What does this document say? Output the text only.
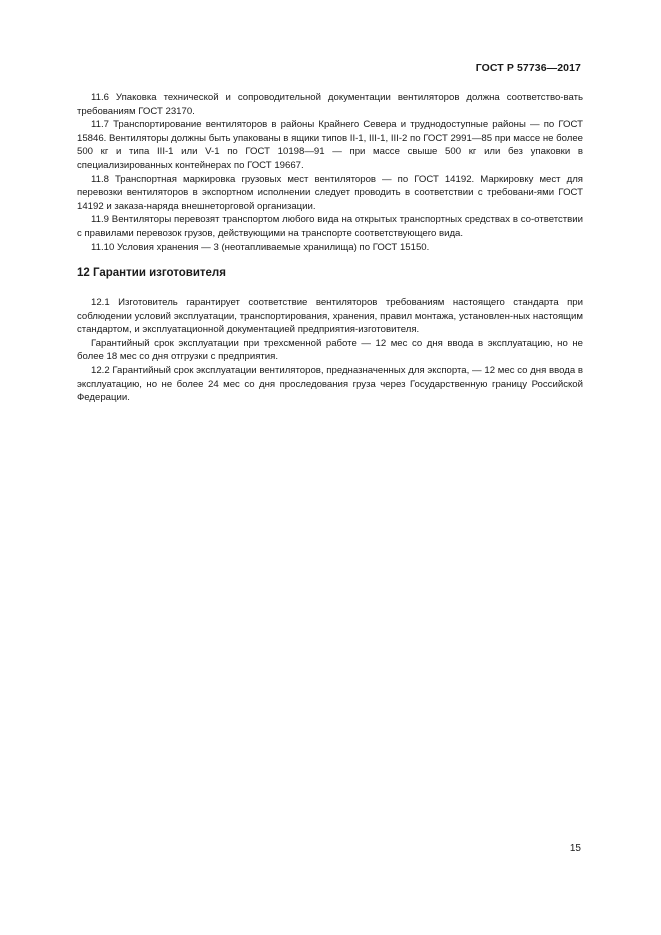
ГОСТ Р 57736—2017

11.6 Упаковка технической и сопроводительной документации вентиляторов должна соответство-вать требованиям ГОСТ 23170.

11.7 Транспортирование вентиляторов в районы Крайнего Севера и труднодоступные районы — по ГОСТ 15846. Вентиляторы должны быть упакованы в ящики типов II-1, III-1, III-2 по ГОСТ 2991—85 при массе не более 500 кг и типа III-1 или V-1 по ГОСТ 10198—91 — при массе свыше 500 кг или без упаковки в специализированных контейнерах по ГОСТ 19667.

11.8 Транспортная маркировка грузовых мест вентиляторов — по ГОСТ 14192. Маркировку мест для перевозки вентиляторов в экспортном исполнении следует проводить в соответствии с требовани-ями ГОСТ 14192 и заказа-наряда внешнеторговой организации.

11.9 Вентиляторы перевозят транспортом любого вида на открытых транспортных средствах в со-ответствии с правилами перевозок грузов, действующими на транспорте соответствующего вида.

11.10 Условия хранения — 3 (неотапливаемые хранилища) по ГОСТ 15150.

12 Гарантии изготовителя

12.1 Изготовитель гарантирует соответствие вентиляторов требованиям настоящего стандарта при соблюдении условий эксплуатации, транспортирования, хранения, правил монтажа, установлен-ных настоящим стандартом, и эксплуатационной документацией предприятия-изготовителя.

Гарантийный срок эксплуатации при трехсменной работе — 12 мес со дня ввода в эксплуатацию, но не более 18 мес со дня отгрузки с предприятия.

12.2 Гарантийный срок эксплуатации вентиляторов, предназначенных для экспорта, — 12 мес со дня ввода в эксплуатацию, но не более 24 мес со дня проследования груза через Государственную границу Российской Федерации.

15
